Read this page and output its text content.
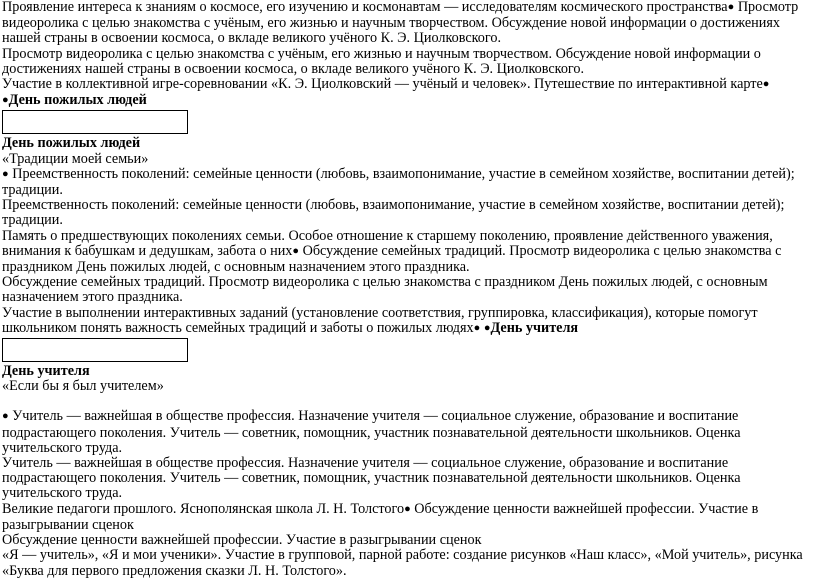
Проявление интереса к знаниям о космосе, его изучению и космонавтам — исследователям космического пространства● Просмотр видеоролика с целью знакомства с учёным, его жизнью и научным творчеством. Обсуждение новой информации о достижениях нашей страны в освоении космоса, о вкладе великого учёного К. Э. Циолковского.

Просмотр видеоролика с целью знакомства с учёным, его жизнью и научным творчеством. Обсуждение новой информации о достижениях нашей страны в освоении космоса, о вкладе великого учёного К. Э. Циолковского.

Участие в коллективной игре-соревновании «К. Э. Циолковский — учёный и человек». Путешествие по интерактивной карте● ●День пожилых людей

День пожилых людей

«Традиции моей семьи»

● Преемственность поколений: семейные ценности (любовь, взаимопонимание, участие в семейном хозяйстве, воспитании детей); традиции.

Преемственность поколений: семейные ценности (любовь, взаимопонимание, участие в семейном хозяйстве, воспитании детей); традиции.

Память о предшествующих поколениях семьи. Особое отношение к старшему поколению, проявление действенного уважения, внимания к бабушкам и дедушкам, забота о них● Обсуждение семейных традиций. Просмотр видеоролика с целью знакомства с праздником День пожилых людей, с основным назначением этого праздника.

Обсуждение семейных традиций. Просмотр видеоролика с целью знакомства с праздником День пожилых людей, с основным назначением этого праздника.

Участие в выполнении интерактивных заданий (установление соответствия, группировка, классификация), которые помогут школьником понять важность семейных традиций и заботы о пожилых людях● ●День учителя

День учителя

«Если бы я был учителем»

● Учитель — важнейшая в обществе профессия. Назначение учителя — социальное служение, образование и воспитание подрастающего поколения. Учитель — советник, помощник, участник познавательной деятельности школьников. Оценка учительского труда.

Учитель — важнейшая в обществе профессия. Назначение учителя — социальное служение, образование и воспитание подрастающего поколения. Учитель — советник, помощник, участник познавательной деятельности школьников. Оценка учительского труда.

Великие педагоги прошлого. Яснополянская школа Л. Н. Толстого● Обсуждение ценности важнейшей профессии. Участие в разыгрывании сценок

Обсуждение ценности важнейшей профессии. Участие в разыгрывании сценок

«Я — учитель», «Я и мои ученики». Участие в групповой, парной работе: создание рисунков «Наш класс», «Мой учитель», рисунка «Буква для первого предложения сказки Л. Н. Толстого».
